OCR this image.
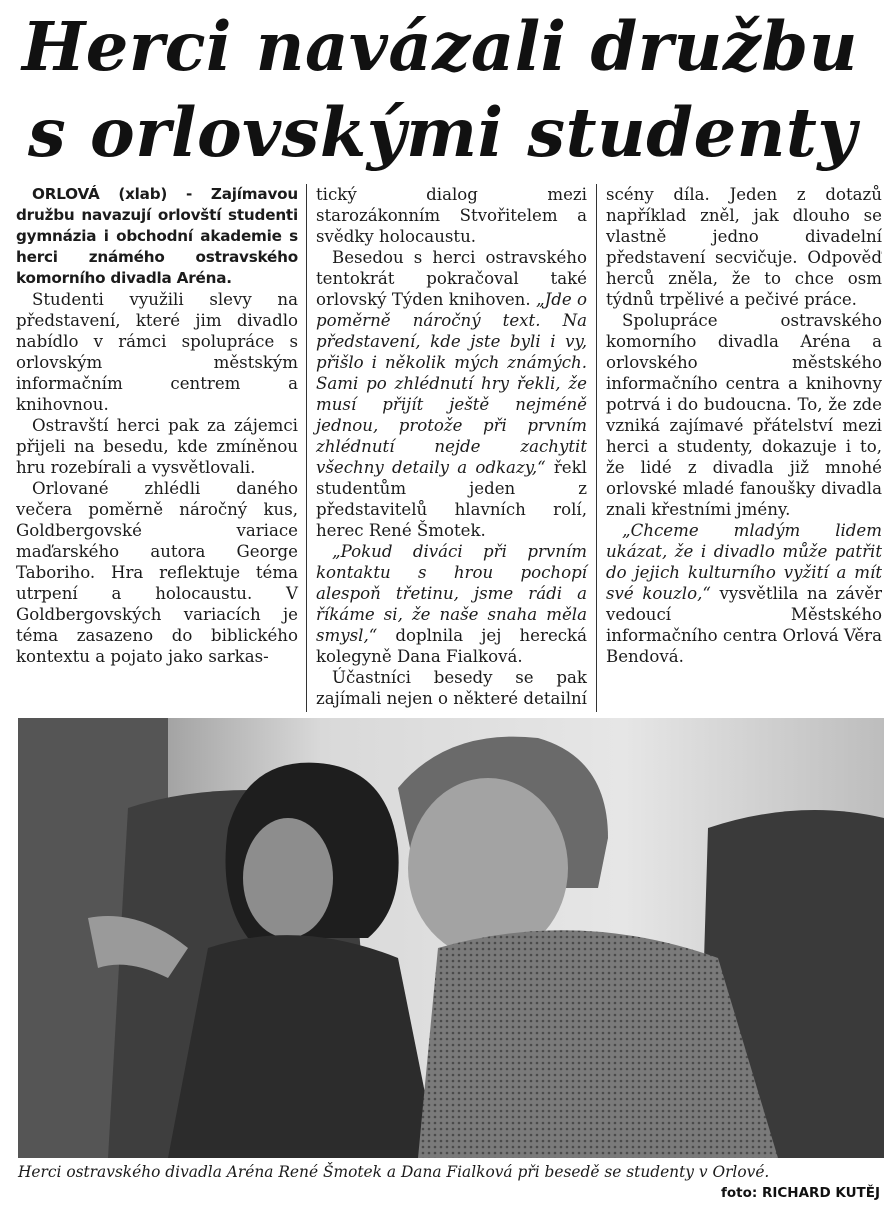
Herci navázali družbu
s orlovskými studenty

ORLOVÁ (xlab) - Zajímavou družbu navazují orlovští studenti gymnázia i obchodní akademie s herci známého ostravského komorního divadla Aréna.

Studenti využili slevy na představení, které jim divadlo nabídlo v rámci spolupráce s orlovským městským informačním centrem a knihovnou.

Ostravští herci pak za zájemci přijeli na besedu, kde zmíněnou hru rozebírali a vysvětlovali.

Orlované zhlédli daného večera poměrně náročný kus, Goldbergovské variace maďarského autora George Taboriho. Hra reflektuje téma utrpení a holocaustu. V Goldbergovských variacích je téma zasazeno do biblického kontextu a pojato jako sarkas-

tický dialog mezi starozákonním Stvořitelem a svědky holocaustu.

Besedou s herci ostravského tentokrát pokračoval také orlovský Týden knihoven. „Jde o poměrně náročný text. Na představení, kde jste byli i vy, přišlo i několik mých známých. Sami po zhlédnutí hry řekli, že musí přijít ještě nejméně jednou, protože při prvním zhlédnutí nejde zachytit všechny detaily a odkazy,“ řekl studentům jeden z představitelů hlavních rolí, herec René Šmotek.

„Pokud diváci při prvním kontaktu s hrou pochopí alespoň třetinu, jsme rádi a říkáme si, že naše snaha měla smysl,“ doplnila jej herecká kolegyně Dana Fialková.

Účastníci besedy se pak zajímali nejen o některé detailní

scény díla. Jeden z dotazů například zněl, jak dlouho se vlastně jedno divadelní představení secvičuje. Odpověď herců zněla, že to chce osm týdnů trpělivé a pečivé práce.

Spolupráce ostravského komorního divadla Aréna a orlovského městského informačního centra a knihovny potrvá i do budoucna. To, že zde vzniká zajímavé přátelství mezi herci a studenty, dokazuje i to, že lidé z divadla již mnohé orlovské mladé fanoušky divadla znali křestními jmény.

„Chceme mladým lidem ukázat, že i divadlo může patřit do jejich kulturního vyžití a mít své kouzlo,“ vysvětlila na závěr vedoucí Městského informačního centra Orlová Věra Bendová.

Herci ostravského divadla Aréna René Šmotek a Dana Fialková při besedě se studenty v Orlové.
foto: RICHARD KUTĚJ
